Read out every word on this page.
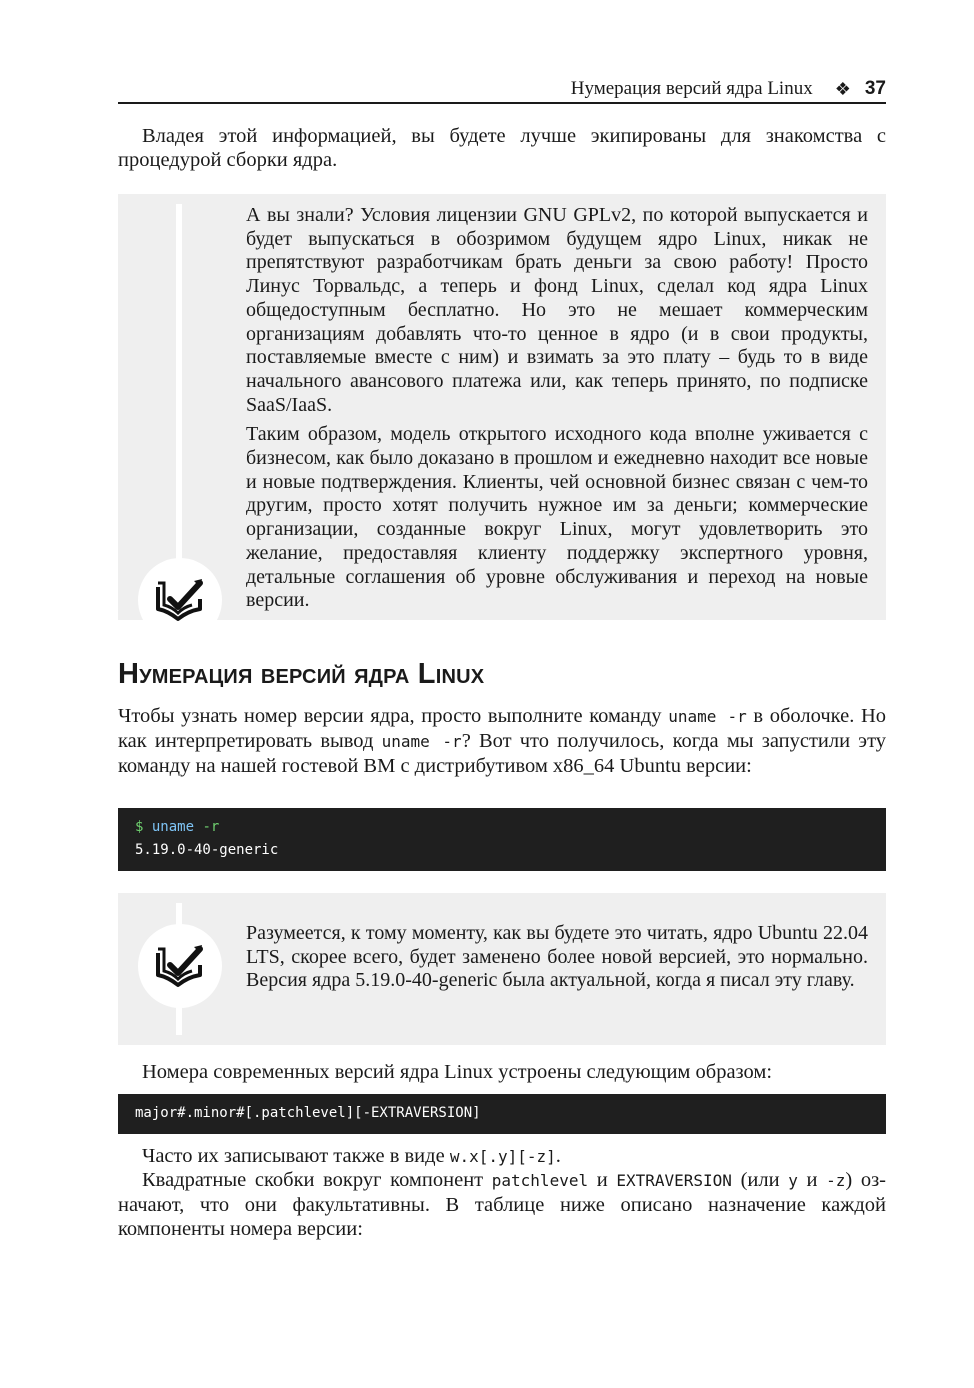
Нумерация версий ядра Linux ❖ 37

Владея этой информацией, вы будете лучше экипированы для знакомства с процедурой сборки ядра.

А вы знали? Условия лицензии GNU GPLv2, по которой выпускается и будет выпускаться в обозримом будущем ядро Linux, никак не препятствуют разработчикам брать деньги за свою работу! Просто Линус Торвальдс, а теперь и фонд Linux, сделал код ядра Linux общедоступным бесплатно. Но это не мешает коммерческим организациям добавлять что-то ценное в ядро (и в свои продукты, поставляемые вместе с ним) и взимать за это плату – будь то в виде начального авансового платежа или, как теперь принято, по подписке SaaS/IaaS.

Таким образом, модель открытого исходного кода вполне уживается с бизнесом, как было доказано в прошлом и ежедневно находит все новые и новые подтверждения. Клиенты, чей основной бизнес связан с чем-то другим, просто хотят получить нужное им за деньги; коммерческие организации, созданные вокруг Linux, могут удовлетворить это желание, предоставляя клиенту поддержку экспертного уровня, детальные соглашения об уровне обслуживания и переход на новые версии.

Нумерация версий ядра Linux

Чтобы узнать номер версии ядра, просто выполните команду uname -r в оболочке. Но как интерпретировать вывод uname -r? Вот что получилось, когда мы запустили эту команду на нашей гостевой ВМ с дистрибутивом x86_64 Ubuntu версии:

$ uname -r
5.19.0-40-generic

Разумеется, к тому моменту, как вы будете это читать, ядро Ubuntu 22.04 LTS, скорее всего, будет заменено более новой версией, это нормально. Версия ядра 5.19.0-40-generic была актуальной, когда я писал эту главу.

Номера современных версий ядра Linux устроены следующим образом:

major#.minor#[.patchlevel][-EXTRAVERSION]

Часто их записывают также в виде w.x[.y][-z].

Квадратные скобки вокруг компонент patchlevel и EXTRAVERSION (или y и -z) означают, что они факультативны. В таблице ниже описано назначение каждой компоненты номера версии:
